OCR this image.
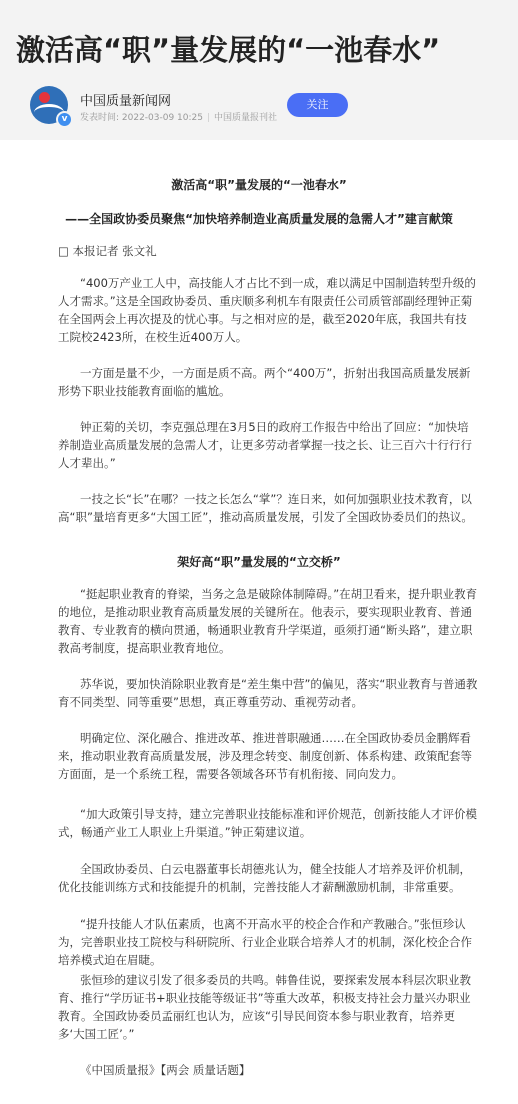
激活高“职”量发展的“一池春水”
v
中国质量新闻网
发表时间: 2022-03-09 10:25 | 中国质量报刊社
关注
激活高“职”量发展的“一池春水”
——全国政协委员聚焦“加快培养制造业高质量发展的急需人才”建言献策
□ 本报记者 张文礼
“400万产业工人中，高技能人才占比不到一成，难以满足中国制造转型升级的人才需求。”这是全国政协委员、重庆顺多利机车有限责任公司质管部副经理钟正菊在全国两会上再次提及的忧心事。与之相对应的是，截至2020年底，我国共有技工院校2423所，在校生近400万人。
一方面是量不少，一方面是质不高。两个“400万”，折射出我国高质量发展新形势下职业技能教育面临的尴尬。
钟正菊的关切，李克强总理在3月5日的政府工作报告中给出了回应：“加快培养制造业高质量发展的急需人才，让更多劳动者掌握一技之长、让三百六十行行行人才辈出。”
一技之长“长”在哪？一技之长怎么“掌”？连日来，如何加强职业技术教育，以高“职”量培育更多“大国工匠”，推动高质量发展，引发了全国政协委员们的热议。
架好高“职”量发展的“立交桥”
“挺起职业教育的脊梁，当务之急是破除体制障碍。”在胡卫看来，提升职业教育的地位，是推动职业教育高质量发展的关键所在。他表示，要实现职业教育、普通教育、专业教育的横向贯通，畅通职业教育升学渠道，亟须打通“断头路”，建立职教高考制度，提高职业教育地位。
苏华说，要加快消除职业教育是“差生集中营”的偏见，落实“职业教育与普通教育不同类型、同等重要”思想，真正尊重劳动、重视劳动者。
明确定位、深化融合、推进改革、推进普职融通……在全国政协委员金鹏辉看来，推动职业教育高质量发展，涉及理念转变、制度创新、体系构建、政策配套等方面面，是一个系统工程，需要各领域各环节有机衔接、同向发力。
“加大政策引导支持，建立完善职业技能标准和评价规范，创新技能人才评价模式，畅通产业工人职业上升渠道。”钟正菊建议道。
全国政协委员、白云电器董事长胡德兆认为，健全技能人才培养及评价机制，优化技能训练方式和技能提升的机制，完善技能人才薪酬激励机制，非常重要。
“提升技能人才队伍素质，也离不开高水平的校企合作和产教融合。”张恒珍认为，完善职业技工院校与科研院所、行业企业联合培养人才的机制，深化校企合作培养模式迫在眉睫。
张恒珍的建议引发了很多委员的共鸣。韩鲁佳说，要探索发展本科层次职业教育、推行“学历证书+职业技能等级证书”等重大改革，积极支持社会力量兴办职业教育。全国政协委员孟丽红也认为，应该“引导民间资本参与职业教育，培养更多‘大国工匠’。”
《中国质量报》【两会 质量话题】
